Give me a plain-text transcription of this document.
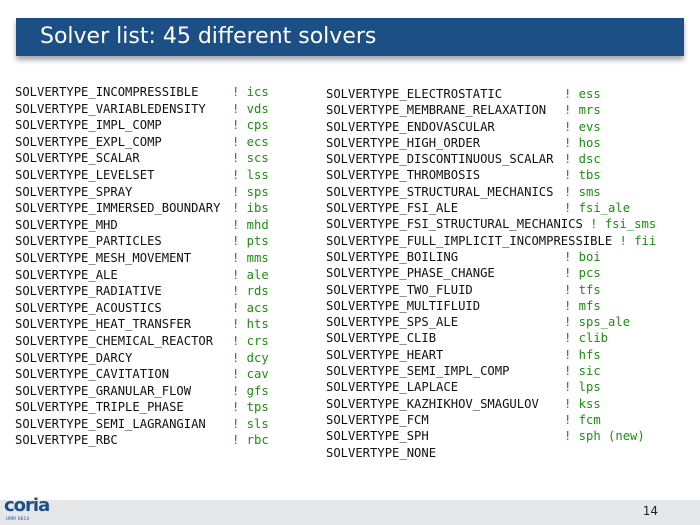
Solver list: 45 different solvers
SOLVERTYPE_INCOMPRESSIBLE	! ics
SOLVERTYPE_VARIABLEDENSITY ! vds
SOLVERTYPE_IMPL_COMP	! cps
SOLVERTYPE_EXPL_COMP	! ecs
SOLVERTYPE_SCALAR	! scs
SOLVERTYPE_LEVELSET	! lss
SOLVERTYPE_SPRAY	! sps
SOLVERTYPE_IMMERSED_BOUNDARY ! ibs
SOLVERTYPE_MHD	! mhd
SOLVERTYPE_PARTICLES	! pts
SOLVERTYPE_MESH_MOVEMENT	! mms
SOLVERTYPE_ALE	! ale
SOLVERTYPE_RADIATIVE	! rds
SOLVERTYPE_ACOUSTICS	! acs
SOLVERTYPE_HEAT_TRANSFER	! hts
SOLVERTYPE_CHEMICAL_REACTOR ! crs
SOLVERTYPE_DARCY	! dcy
SOLVERTYPE_CAVITATION	! cav
SOLVERTYPE_GRANULAR_FLOW	! gfs
SOLVERTYPE_TRIPLE_PHASE	! tps
SOLVERTYPE_SEMI_LAGRANGIAN ! sls
SOLVERTYPE_RBC	! rbc
SOLVERTYPE_ELECTROSTATIC	! ess
SOLVERTYPE_MEMBRANE_RELAXATION ! mrs
SOLVERTYPE_ENDOVASCULAR	! evs
SOLVERTYPE_HIGH_ORDER	! hos
SOLVERTYPE_DISCONTINUOUS_SCALAR ! dsc
SOLVERTYPE_THROMBOSIS	! tbs
SOLVERTYPE_STRUCTURAL_MECHANICS ! sms
SOLVERTYPE_FSI_ALE	! fsi_ale
SOLVERTYPE_FSI_STRUCTURAL_MECHANICS ! fsi_sms
SOLVERTYPE_FULL_IMPLICIT_INCOMPRESSIBLE ! fii
SOLVERTYPE_BOILING	! boi
SOLVERTYPE_PHASE_CHANGE	! pcs
SOLVERTYPE_TWO_FLUID	! tfs
SOLVERTYPE_MULTIFLUID	! mfs
SOLVERTYPE_SPS_ALE	! sps_ale
SOLVERTYPE_CLIB	! clib
SOLVERTYPE_HEART	! hfs
SOLVERTYPE_SEMI_IMPL_COMP	! sic
SOLVERTYPE_LAPLACE	! lps
SOLVERTYPE_KAZHIKHOV_SMAGULOV ! kss
SOLVERTYPE_FCM	! fcm
SOLVERTYPE_SPH	! sph (new)
SOLVERTYPE_NONE
14
coria
UMR 6614
